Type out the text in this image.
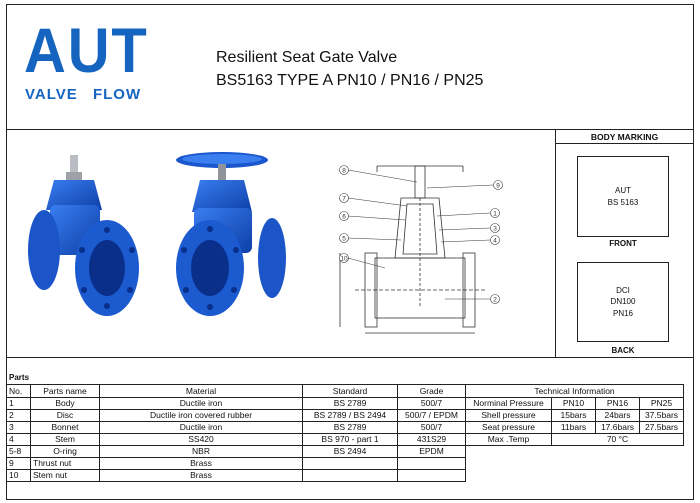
AUT
VALVE FLOW
Resilient Seat Gate Valve
BS5163 TYPE A PN10 / PN16 / PN25
8
7
6
5
10
9
1
3
4
2
BODY MARKING
AUT
BS 5163
FRONT
DCI
DN100
PN16
BACK
Parts
No.	Parts name	Material	Standard	Grade	Technical Information			
1	Body	Ductile iron	BS 2789	500/7	Norminal Pressure	PN10	PN16	PN25
2	Disc	Ductile iron covered rubber	BS 2789 / BS 2494	500/7 / EPDM	Shell pressure	15bars	24bars	37.5bars
3	Bonnet	Ductile iron	BS 2789	500/7	Seat pressure	11bars	17.6bars	27.5bars
4	Stem	SS420	BS 970 - part 1	431S29	Max .Temp	70 °C		
5-8	O-ring	NBR	BS 2494	EPDM				
9	Thrust nut	Brass						
10	Stem nut	Brass						
